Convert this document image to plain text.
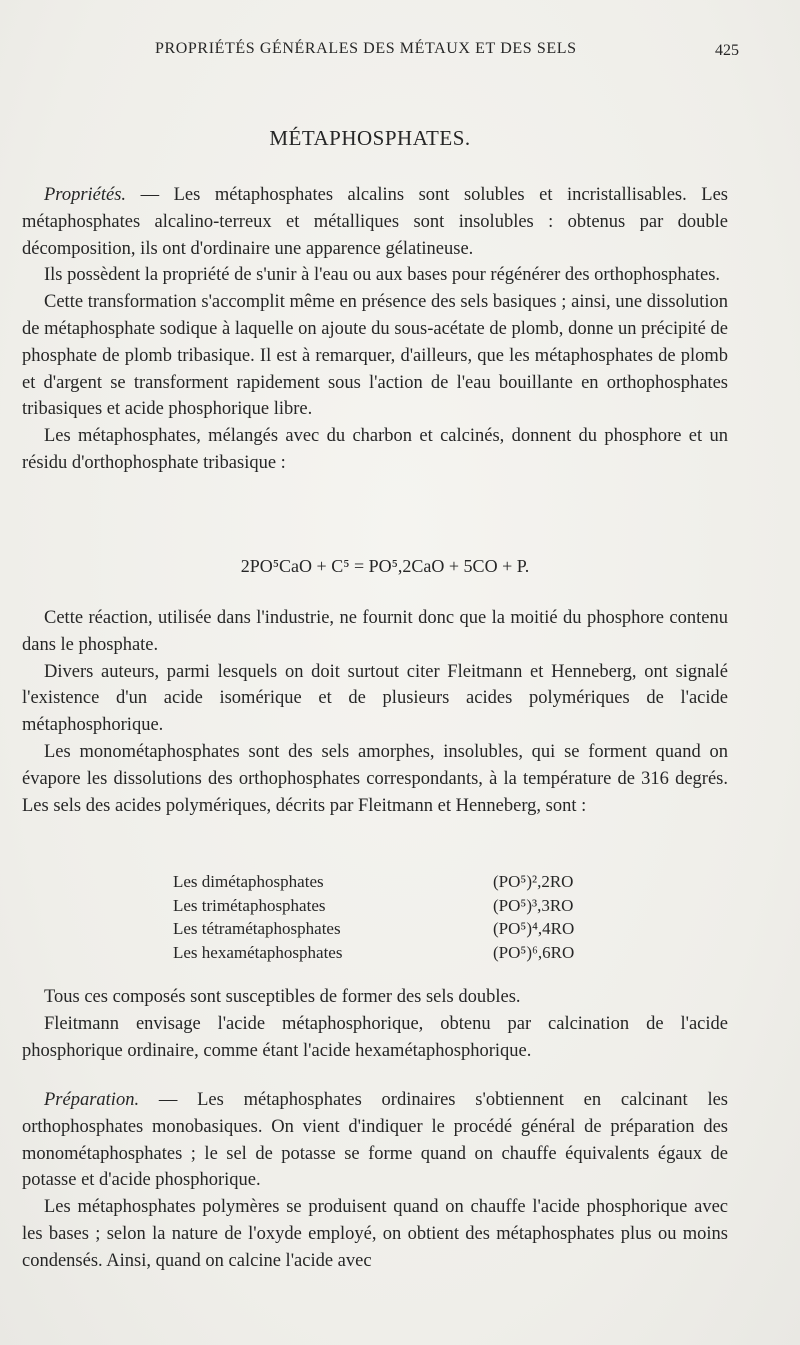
PROPRIÉTÉS GÉNÉRALES DES MÉTAUX ET DES SELS	425
MÉTAPHOSPHATES.

Propriétés. — Les métaphosphates alcalins sont solubles et incristallisables. Les métaphosphates alcalino-terreux et métalliques sont insolubles : obtenus par double décomposition, ils ont d'ordinaire une apparence gélatineuse.

Ils possèdent la propriété de s'unir à l'eau ou aux bases pour régénérer des orthophosphates.

Cette transformation s'accomplit même en présence des sels basiques ; ainsi, une dissolution de métaphosphate sodique à laquelle on ajoute du sous-acétate de plomb, donne un précipité de phosphate de plomb tribasique. Il est à remarquer, d'ailleurs, que les métaphosphates de plomb et d'argent se transforment rapidement sous l'action de l'eau bouillante en orthophosphates tribasiques et acide phosphorique libre.

Les métaphosphates, mélangés avec du charbon et calcinés, donnent du phosphore et un résidu d'orthophosphate tribasique :

2PO⁵CaO + C⁵ = PO⁵,2CaO + 5CO + P.

Cette réaction, utilisée dans l'industrie, ne fournit donc que la moitié du phosphore contenu dans le phosphate.

Divers auteurs, parmi lesquels on doit surtout citer Fleitmann et Henneberg, ont signalé l'existence d'un acide isomérique et de plusieurs acides polymériques de l'acide métaphosphorique.

Les monométaphosphates sont des sels amorphes, insolubles, qui se forment quand on évapore les dissolutions des orthophosphates correspondants, à la température de 316 degrés. Les sels des acides polymériques, décrits par Fleitmann et Henneberg, sont :

Les dimétaphosphates	(PO⁵)²,2RO
Les trimétaphosphates	(PO⁵)³,3RO
Les tétramétaphosphates	(PO⁵)⁴,4RO
Les hexamétaphosphates	(PO⁵)⁶,6RO

Tous ces composés sont susceptibles de former des sels doubles.

Fleitmann envisage l'acide métaphosphorique, obtenu par calcination de l'acide phosphorique ordinaire, comme étant l'acide hexamétaphosphorique.

Préparation. — Les métaphosphates ordinaires s'obtiennent en calcinant les orthophosphates monobasiques. On vient d'indiquer le procédé général de préparation des monométaphosphates ; le sel de potasse se forme quand on chauffe équivalents égaux de potasse et d'acide phosphorique.

Les métaphosphates polymères se produisent quand on chauffe l'acide phosphorique avec les bases ; selon la nature de l'oxyde employé, on obtient des métaphosphates plus ou moins condensés. Ainsi, quand on calcine l'acide avec
